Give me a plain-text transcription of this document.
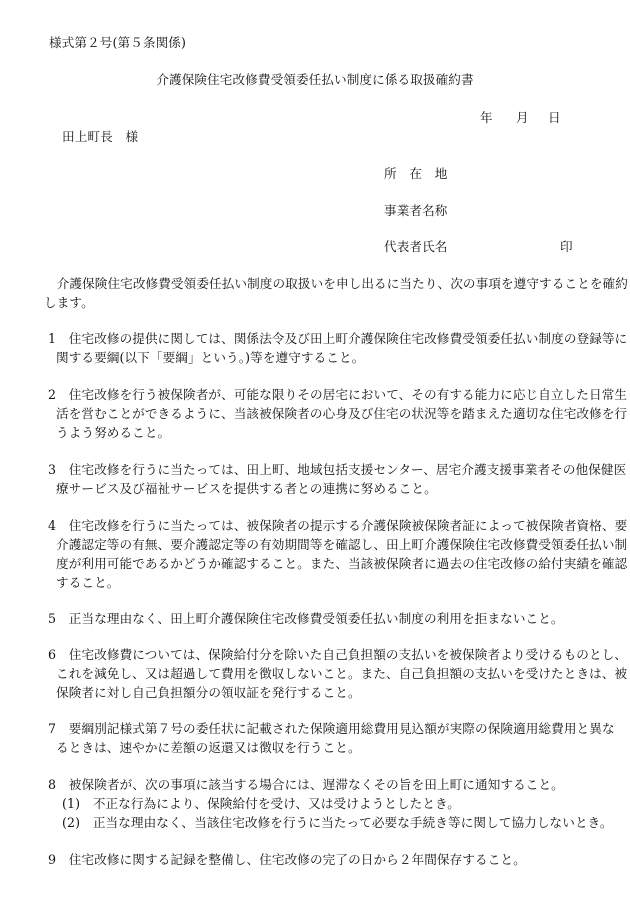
様式第２号(第５条関係)
介護保険住宅改修費受領委任払い制度に係る取扱確約書
年 月 日
田上町長　様
所　在　地
事業者名称
代表者氏名	印
　介護保険住宅改修費受領委任払い制度の取扱いを申し出るに当たり、次の事項を遵守することを確約
します。
1　住宅改修の提供に関しては、関係法令及び田上町介護保険住宅改修費受領委任払い制度の登録等に
関する要綱(以下「要綱」という。)等を遵守すること。
2　住宅改修を行う被保険者が、可能な限りその居宅において、その有する能力に応じ自立した日常生
活を営むことができるように、当該被保険者の心身及び住宅の状況等を踏まえた適切な住宅改修を行
うよう努めること。
3　住宅改修を行うに当たっては、田上町、地域包括支援センター、居宅介護支援事業者その他保健医
療サービス及び福祉サービスを提供する者との連携に努めること。
4　住宅改修を行うに当たっては、被保険者の提示する介護保険被保険者証によって被保険者資格、要
介護認定等の有無、要介護認定等の有効期間等を確認し、田上町介護保険住宅改修費受領委任払い制
度が利用可能であるかどうか確認すること。また、当該被保険者に過去の住宅改修の給付実績を確認
すること。
5　正当な理由なく、田上町介護保険住宅改修費受領委任払い制度の利用を拒まないこと。
6　住宅改修費については、保険給付分を除いた自己負担額の支払いを被保険者より受けるものとし、
これを減免し、又は超過して費用を徴収しないこと。また、自己負担額の支払いを受けたときは、被
保険者に対し自己負担額分の領収証を発行すること。
7　要綱別記様式第７号の委任状に記載された保険適用総費用見込額が実際の保険適用総費用と異な
るときは、速やかに差額の返還又は徴収を行うこと。
8　被保険者が、次の事項に該当する場合には、遅滞なくその旨を田上町に通知すること。
(1)　不正な行為により、保険給付を受け、又は受けようとしたとき。
(2)　正当な理由なく、当該住宅改修を行うに当たって必要な手続き等に関して協力しないとき。
9　住宅改修に関する記録を整備し、住宅改修の完了の日から２年間保存すること。
